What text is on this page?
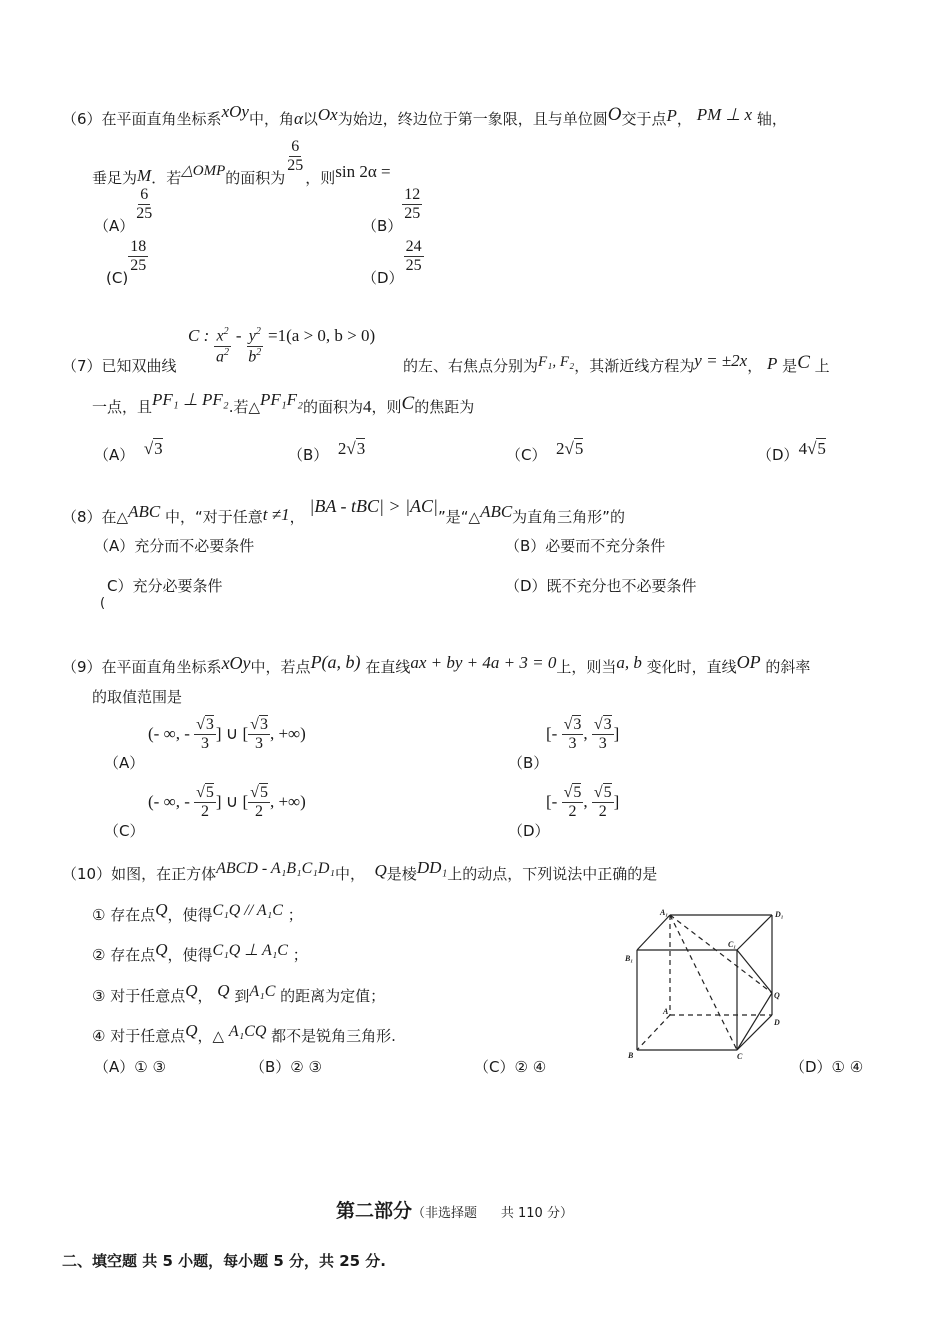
（6）在平面直角坐标系xOy中，角α以Ox为始边，终边位于第一象限，且与单位圆O交于点P， PM ⊥ x 轴，
垂足为M．若△OMP的面积为
$\frac{6}{25}$
，则sin 2α =
（A）
$\frac{6}{25}$
（B）
$\frac{12}{25}$
(C)
$\frac{18}{25}$
（D）
$\frac{24}{25}$
（7）已知双曲线
C : $\frac{x^2}{a^2} - \frac{y^2}{b^2} =1(a > 0$, b > 0)
的左、右焦点分别为F₁, F₂，其渐近线方程为y = ±2x， P 是C 上
一点，且PF₁ ⊥ PF₂.若△PF₁F₂的面积为4，则C的焦距为
（A） √3	（B） 2√3	（C） 2√5	（D）4√5
（8）在△ABC 中，“对于任意t ≠1， |BA - tBC| > |AC|”是“△ABC为直角三角形”的
（A）充分而不必要条件	（B）必要而不充分条件
C）充分必要条件	（D）既不充分也不必要条件
(
（9）在平面直角坐标系xOy中，若点P(a, b) 在直线ax + by + 4a + 3 = 0上，则当a, b 变化时，直线OP 的斜率
的取值范围是
（A）
(- ∞, - $\frac{√3}{3}$ ] ∪ [ $\frac{√3}{3}$ , +∞)
（B）
[- $\frac{√3}{3}$ , $\frac{√3}{3}$ ]
（C）
(- ∞, - $\frac{√5}{2}$ ] ∪ [ $\frac{√5}{2}$ , +∞)
（D）
[- $\frac{√5}{2}$ , $\frac{√5}{2}$ ]
（10）如图，在正方体ABCD - A₁B₁C₁D₁中， Q是棱DD₁上的动点，下列说法中正确的是
① 存在点Q，使得C₁Q // A₁C ；
② 存在点Q，使得C₁Q ⊥ A₁C ；
③ 对于任意点Q， Q 到A₁C 的距离为定值；
④ 对于任意点Q，△ A₁CQ 都不是锐角三角形.
（A）① ③	（B）② ③	（C）② ④	（D）① ④
A₁	D₁
C₁
B₁
Q
A
D
B	C
第二部分（非选择题 共 110 分）
二、填空题 共 5 小题，每小题 5 分，共 25 分.
